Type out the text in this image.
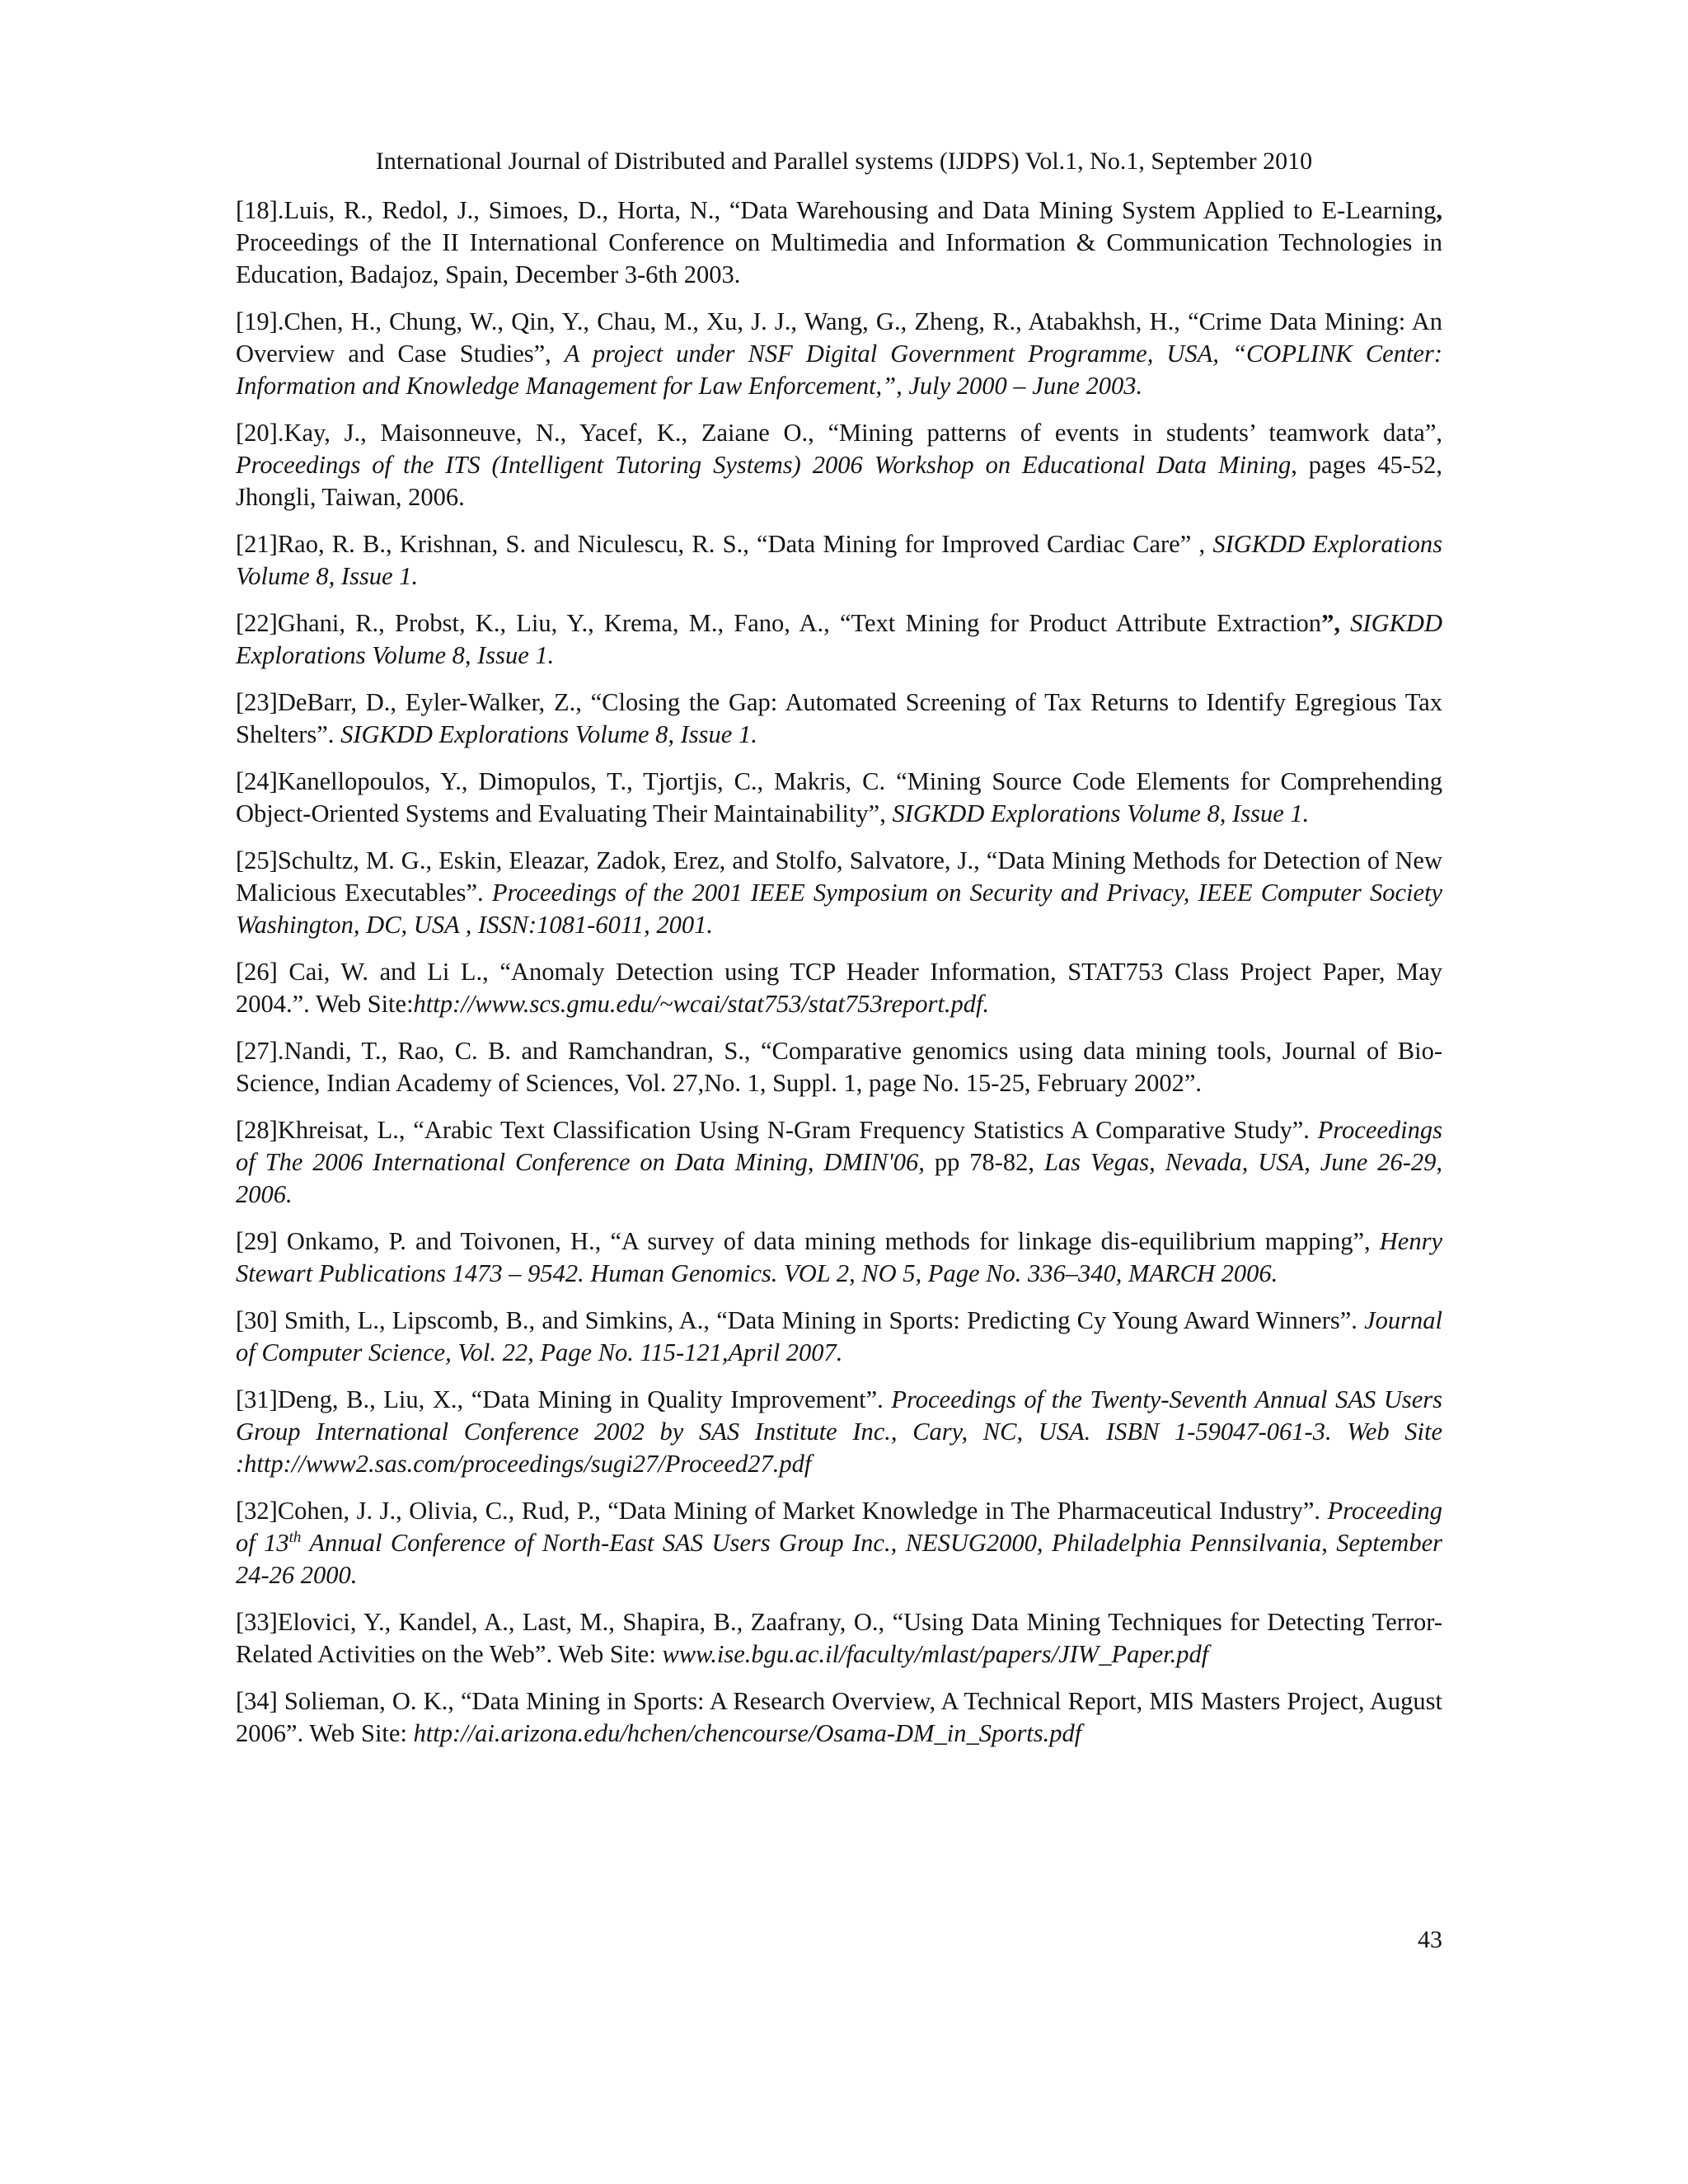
International Journal of Distributed and Parallel systems (IJDPS) Vol.1, No.1, September 2010

[18].Luis, R., Redol, J., Simoes, D., Horta, N., “Data Warehousing and Data Mining System Applied to E-Learning, Proceedings of the II International Conference on Multimedia and Information & Communication Technologies in Education, Badajoz, Spain, December 3-6th 2003.

[19].Chen, H., Chung, W., Qin, Y., Chau, M., Xu, J. J., Wang, G., Zheng, R., Atabakhsh, H., “Crime Data Mining: An Overview and Case Studies”, A project under NSF Digital Government Programme, USA, “COPLINK Center: Information and Knowledge Management for Law Enforcement,”, July 2000 – June 2003.

[20].Kay, J., Maisonneuve, N., Yacef, K., Zaiane O., “Mining patterns of events in students’ teamwork data”, Proceedings of the ITS (Intelligent Tutoring Systems) 2006 Workshop on Educational Data Mining, pages 45-52, Jhongli, Taiwan, 2006.

[21]Rao, R. B., Krishnan, S. and Niculescu, R. S., “Data Mining for Improved Cardiac Care” , SIGKDD Explorations Volume 8, Issue 1.

[22]Ghani, R., Probst, K., Liu, Y., Krema, M., Fano, A., “Text Mining for Product Attribute Extraction”, SIGKDD Explorations Volume 8, Issue 1.

[23]DeBarr, D., Eyler-Walker, Z., “Closing the Gap: Automated Screening of Tax Returns to Identify Egregious Tax Shelters”. SIGKDD Explorations Volume 8, Issue 1.

[24]Kanellopoulos, Y., Dimopulos, T., Tjortjis, C., Makris, C. “Mining Source Code Elements for Comprehending Object-Oriented Systems and Evaluating Their Maintainability”, SIGKDD Explorations Volume 8, Issue 1.

[25]Schultz, M. G., Eskin, Eleazar, Zadok, Erez, and Stolfo, Salvatore, J., “Data Mining Methods for Detection of New Malicious Executables”. Proceedings of the 2001 IEEE Symposium on Security and Privacy, IEEE Computer Society Washington, DC, USA , ISSN:1081-6011, 2001.

[26] Cai, W. and Li L., “Anomaly Detection using TCP Header Information, STAT753 Class Project Paper, May 2004.”. Web Site:http://www.scs.gmu.edu/~wcai/stat753/stat753report.pdf.

[27].Nandi, T., Rao, C. B. and Ramchandran, S., “Comparative genomics using data mining tools, Journal of Bio-Science, Indian Academy of Sciences, Vol. 27,No. 1, Suppl. 1, page No. 15-25, February 2002”.

[28]Khreisat, L., “Arabic Text Classification Using N-Gram Frequency Statistics A Comparative Study”. Proceedings of The 2006 International Conference on Data Mining, DMIN'06, pp 78-82, Las Vegas, Nevada, USA, June 26-29, 2006.

[29] Onkamo, P. and Toivonen, H., “A survey of data mining methods for linkage dis-equilibrium mapping”, Henry Stewart Publications 1473 – 9542. Human Genomics. VOL 2, NO 5, Page No. 336–340, MARCH 2006.

[30] Smith, L., Lipscomb, B., and Simkins, A., “Data Mining in Sports: Predicting Cy Young Award Winners”. Journal of Computer Science, Vol. 22, Page No. 115-121,April 2007.

[31]Deng, B., Liu, X., “Data Mining in Quality Improvement”. Proceedings of the Twenty-Seventh Annual SAS Users Group International Conference 2002 by SAS Institute Inc., Cary, NC, USA. ISBN 1-59047-061-3. Web Site :http://www2.sas.com/proceedings/sugi27/Proceed27.pdf

[32]Cohen, J. J., Olivia, C., Rud, P., “Data Mining of Market Knowledge in The Pharmaceutical Industry”. Proceeding of 13th Annual Conference of North-East SAS Users Group Inc., NESUG2000, Philadelphia Pennsilvania, September 24-26 2000.

[33]Elovici, Y., Kandel, A., Last, M., Shapira, B., Zaafrany, O., “Using Data Mining Techniques for Detecting Terror-Related Activities on the Web”. Web Site: www.ise.bgu.ac.il/faculty/mlast/papers/JIW_Paper.pdf

[34] Solieman, O. K., “Data Mining in Sports: A Research Overview, A Technical Report, MIS Masters Project, August 2006”. Web Site: http://ai.arizona.edu/hchen/chencourse/Osama-DM_in_Sports.pdf

43
